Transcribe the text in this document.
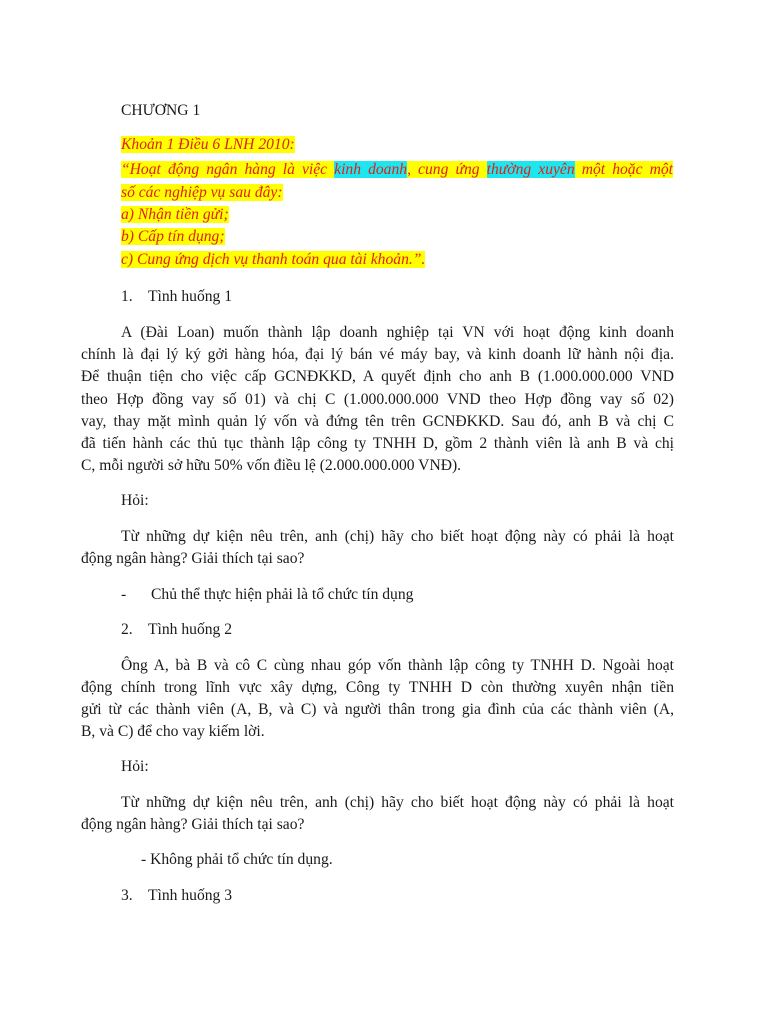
CHƯƠNG 1
Khoản 1 Điều 6 LNH 2010:
“Hoạt động ngân hàng là việc kinh doanh, cung ứng thường xuyên một hoặc một
số các nghiệp vụ sau đây:
a) Nhận tiền gửi;
b) Cấp tín dụng;
c) Cung ứng dịch vụ thanh toán qua tài khoản.”.
1. Tình huống 1
A (Đài Loan) muốn thành lập doanh nghiệp tại VN với hoạt động kinh doanh
chính là đại lý ký gởi hàng hóa, đại lý bán vé máy bay, và kinh doanh lữ hành nội địa.
Để thuận tiện cho việc cấp GCNĐKKD, A quyết định cho anh B (1.000.000.000 VND
theo Hợp đồng vay số 01) và chị C (1.000.000.000 VND theo Hợp đồng vay số 02)
vay, thay mặt mình quản lý vốn và đứng tên trên GCNĐKKD. Sau đó, anh B và chị C
đã tiến hành các thủ tục thành lập công ty TNHH D, gồm 2 thành viên là anh B và chị
C, mỗi người sở hữu 50% vốn điều lệ (2.000.000.000 VNĐ).
Hỏi:
Từ những dự kiện nêu trên, anh (chị) hãy cho biết hoạt động này có phải là hoạt
động ngân hàng? Giải thích tại sao?
- Chủ thể thực hiện phải là tổ chức tín dụng
2. Tình huống 2
Ông A, bà B và cô C cùng nhau góp vốn thành lập công ty TNHH D. Ngoài hoạt
động chính trong lĩnh vực xây dựng, Công ty TNHH D còn thường xuyên nhận tiền
gửi từ các thành viên (A, B, và C) và người thân trong gia đình của các thành viên (A,
B, và C) để cho vay kiếm lời.
Hỏi:
Từ những dự kiện nêu trên, anh (chị) hãy cho biết hoạt động này có phải là hoạt
động ngân hàng? Giải thích tại sao?
- Không phải tổ chức tín dụng.
3. Tình huống 3
